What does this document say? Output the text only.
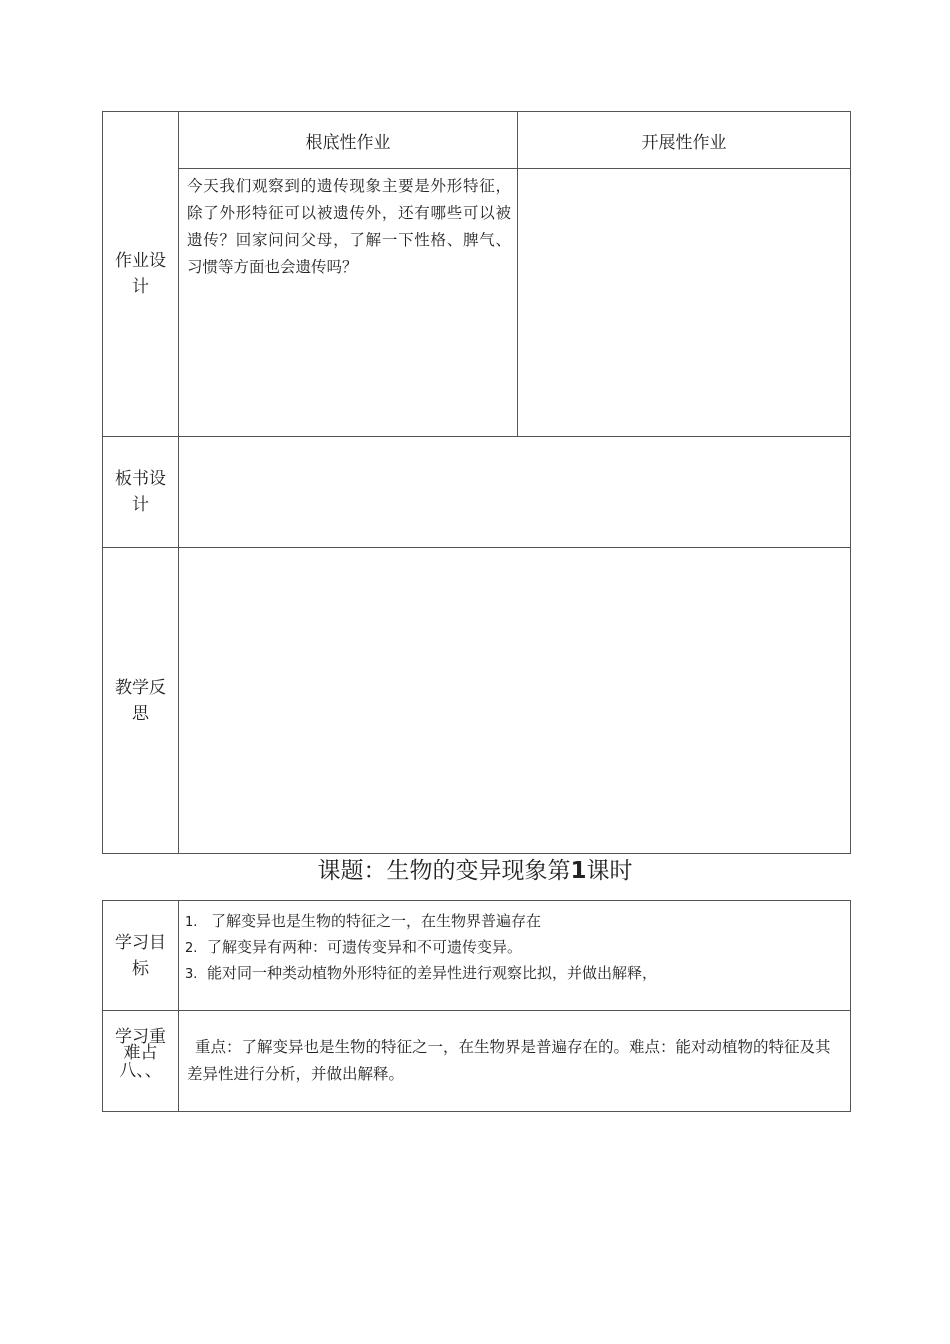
作业设计	根底性作业	开展性作业
	今天我们观察到的遗传现象主要是外形特征，除了外形特征可以被遗传外，还有哪些可以被遗传？回家问问父母，了解一下性格、脾气、习惯等方面也会遗传吗？	
板书设计		
教学反思		
课题：生物的变异现象第1课时
学习目标	1. 了解变异也是生物的特征之一，在生物界普遍存在
2. 了解变异有两种：可遗传变异和不可遗传变异。
3. 能对同一种类动植物外形特征的差异性进行观察比拟，并做出解释，

学习重
难占
八、、	重点：了解变异也是生物的特征之一，在生物界是普遍存在的。难点：能对动植物的特征及其差异性进行分析，并做出解释。
